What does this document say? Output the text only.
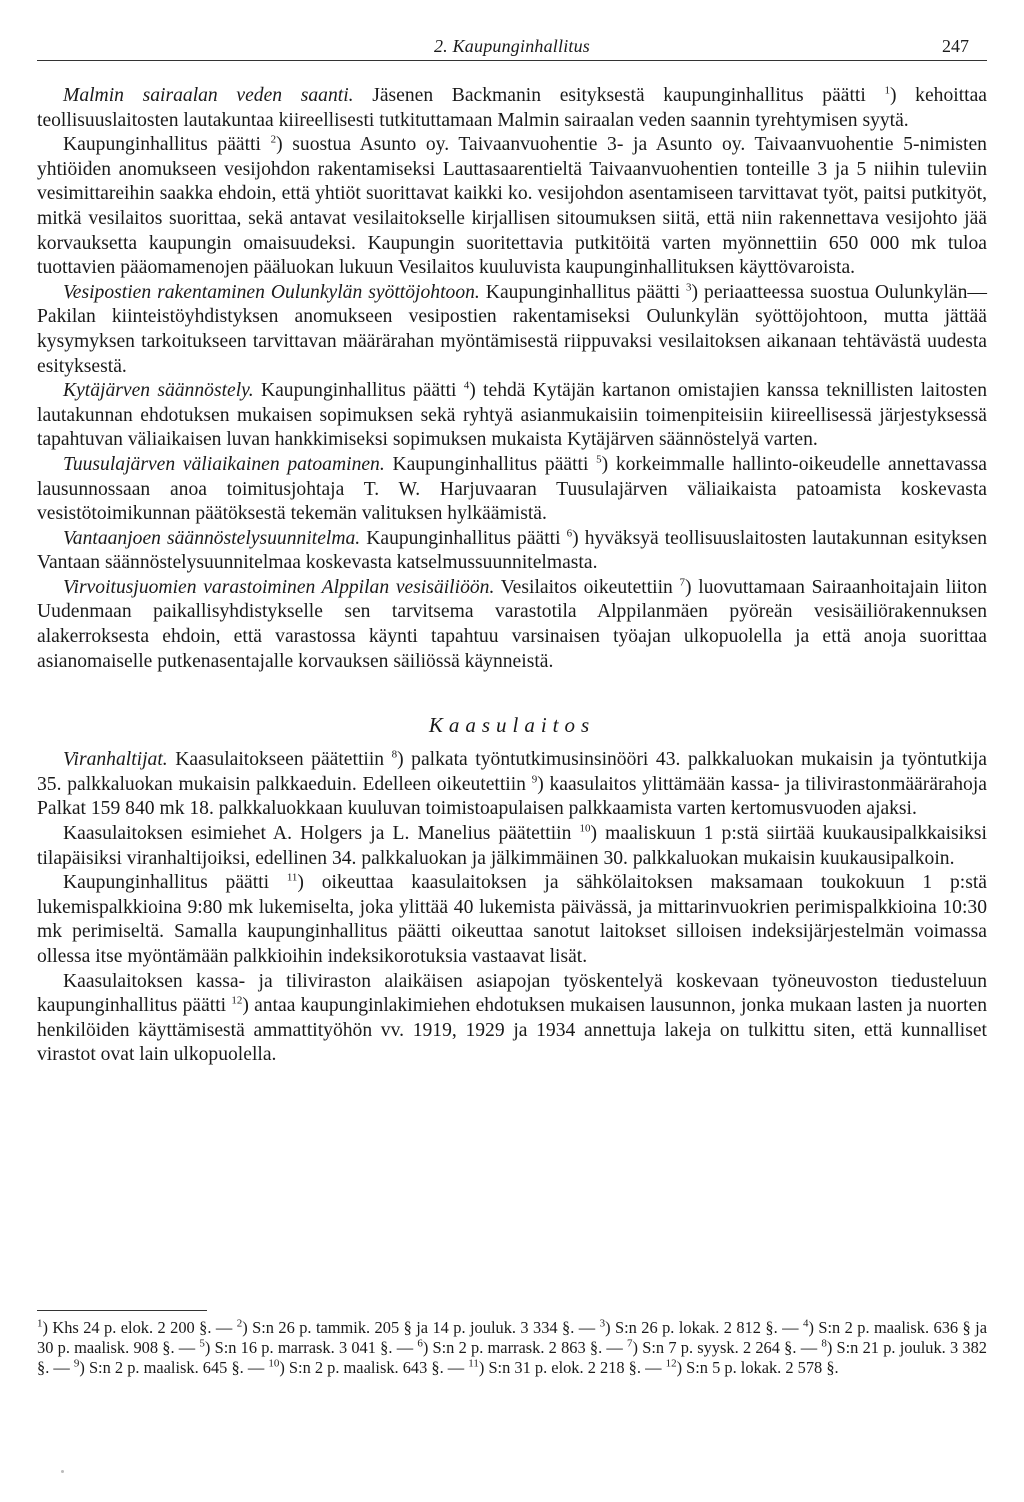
2. Kaupunginhallitus	247

Malmin sairaalan veden saanti. Jäsenen Backmanin esityksestä kaupunginhallitus päätti $^1$) kehoittaa teollisuuslaitosten lautakuntaa kiireellisesti tutkituttamaan Malmin sairaalan veden saannin tyrehtymisen syytä.

Kaupunginhallitus päätti $^2$) suostua Asunto oy. Taivaanvuohentie 3- ja Asunto oy. Taivaanvuohentie 5-nimisten yhtiöiden anomukseen vesijohdon rakentamiseksi Lauttasaarentieltä Taivaanvuohentien tonteille 3 ja 5 niihin tuleviin vesimittareihin saakka ehdoin, että yhtiöt suorittavat kaikki ko. vesijohdon asentamiseen tarvittavat työt, paitsi putkityöt, mitkä vesilaitos suorittaa, sekä antavat vesilaitokselle kirjallisen sitoumuksen siitä, että niin rakennettava vesijohto jää korvauksetta kaupungin omaisuudeksi. Kaupungin suoritettavia putkitöitä varten myönnettiin 650 000 mk tuloa tuottavien pääomamenojen pääluokan lukuun Vesilaitos kuuluvista kaupunginhallituksen käyttövaroista.

Vesipostien rakentaminen Oulunkylän syöttöjohtoon. Kaupunginhallitus päätti $^3$) periaatteessa suostua Oulunkylän—Pakilan kiinteistöyhdistyksen anomukseen vesipostien rakentamiseksi Oulunkylän syöttöjohtoon, mutta jättää kysymyksen tarkoitukseen tarvittavan määrärahan myöntämisestä riippuvaksi vesilaitoksen aikanaan tehtävästä uudesta esityksestä.

Kytäjärven säännöstely. Kaupunginhallitus päätti $^4$) tehdä Kytäjän kartanon omistajien kanssa teknillisten laitosten lautakunnan ehdotuksen mukaisen sopimuksen sekä ryhtyä asianmukaisiin toimenpiteisiin kiireellisessä järjestyksessä tapahtuvan väliaikaisen luvan hankkimiseksi sopimuksen mukaista Kytäjärven säännöstelyä varten.

Tuusulajärven väliaikainen patoaminen. Kaupunginhallitus päätti $^5$) korkeimmalle hallinto-oikeudelle annettavassa lausunnossaan anoa toimitusjohtaja T. W. Harjuvaaran Tuusulajärven väliaikaista patoamista koskevasta vesistötoimikunnan päätöksestä tekemän valituksen hylkäämistä.

Vantaanjoen säännöstelysuunnitelma. Kaupunginhallitus päätti $^6$) hyväksyä teollisuuslaitosten lautakunnan esityksen Vantaan säännöstelysuunnitelmaa koskevasta katselmussuunnitelmasta.

Virvoitusjuomien varastoiminen Alppilan vesisäiliöön. Vesilaitos oikeutettiin $^7$) luovuttamaan Sairaanhoitajain liiton Uudenmaan paikallisyhdistykselle sen tarvitsema varastotila Alppilanmäen pyöreän vesisäiliörakennuksen alakerroksesta ehdoin, että varastossa käynti tapahtuu varsinaisen työajan ulkopuolella ja että anoja suorittaa asianomaiselle putkenasentajalle korvauksen säiliössä käynneistä.

Kaasulaitos

Viranhaltijat. Kaasulaitokseen päätettiin $^8$) palkata työntutkimusinsinööri 43. palkkaluokan mukaisin ja työntutkija 35. palkkaluokan mukaisin palkkaeduin. Edelleen oikeutettiin $^9$) kaasulaitos ylittämään kassa- ja tilivirastonmäärärahoja Palkat 159 840 mk 18. palkkaluokkaan kuuluvan toimistoapulaisen palkkaamista varten kertomusvuoden ajaksi.

Kaasulaitoksen esimiehet A. Holgers ja L. Manelius päätettiin $^{10}$) maaliskuun 1 p:stä siirtää kuukausipalkkaisiksi tilapäisiksi viranhaltijoiksi, edellinen 34. palkkaluokan ja jälkimmäinen 30. palkkaluokan mukaisin kuukausipalkoin.

Kaupunginhallitus päätti $^{11}$) oikeuttaa kaasulaitoksen ja sähkölaitoksen maksamaan toukokuun 1 p:stä lukemispalkkioina 9:80 mk lukemiselta, joka ylittää 40 lukemista päivässä, ja mittarinvuokrien perimispalkkioina 10:30 mk perimiseltä. Samalla kaupunginhallitus päätti oikeuttaa sanotut laitokset silloisen indeksijärjestelmän voimassa ollessa itse myöntämään palkkioihin indeksikorotuksia vastaavat lisät.

Kaasulaitoksen kassa- ja tiliviraston alaikäisen asiapojan työskentelyä koskevaan työneuvoston tiedusteluun kaupunginhallitus päätti $^{12}$) antaa kaupunginlakimiehen ehdotuksen mukaisen lausunnon, jonka mukaan lasten ja nuorten henkilöiden käyttämisestä ammattityöhön vv. 1919, 1929 ja 1934 annettuja lakeja on tulkittu siten, että kunnalliset virastot ovat lain ulkopuolella.

$^1$) Khs 24 p. elok. 2 200 §. — $^2$) S:n 26 p. tammik. 205 § ja 14 p. jouluk. 3 334 §. — $^3$) S:n 26 p. lokak. 2 812 §. — $^4$) S:n 2 p. maalisk. 636 § ja 30 p. maalisk. 908 §. — $^5$) S:n 16 p. marrask. 3 041 §. — $^6$) S:n 2 p. marrask. 2 863 §. — $^7$) S:n 7 p. syysk. 2 264 §. — $^8$) S:n 21 p. jouluk. 3 382 §. — $^9$) S:n 2 p. maalisk. 645 §. — $^{10}$) S:n 2 p. maalisk. 643 §. — $^{11}$) S:n 31 p. elok. 2 218 §. — $^{12}$) S:n 5 p. lokak. 2 578 §.
